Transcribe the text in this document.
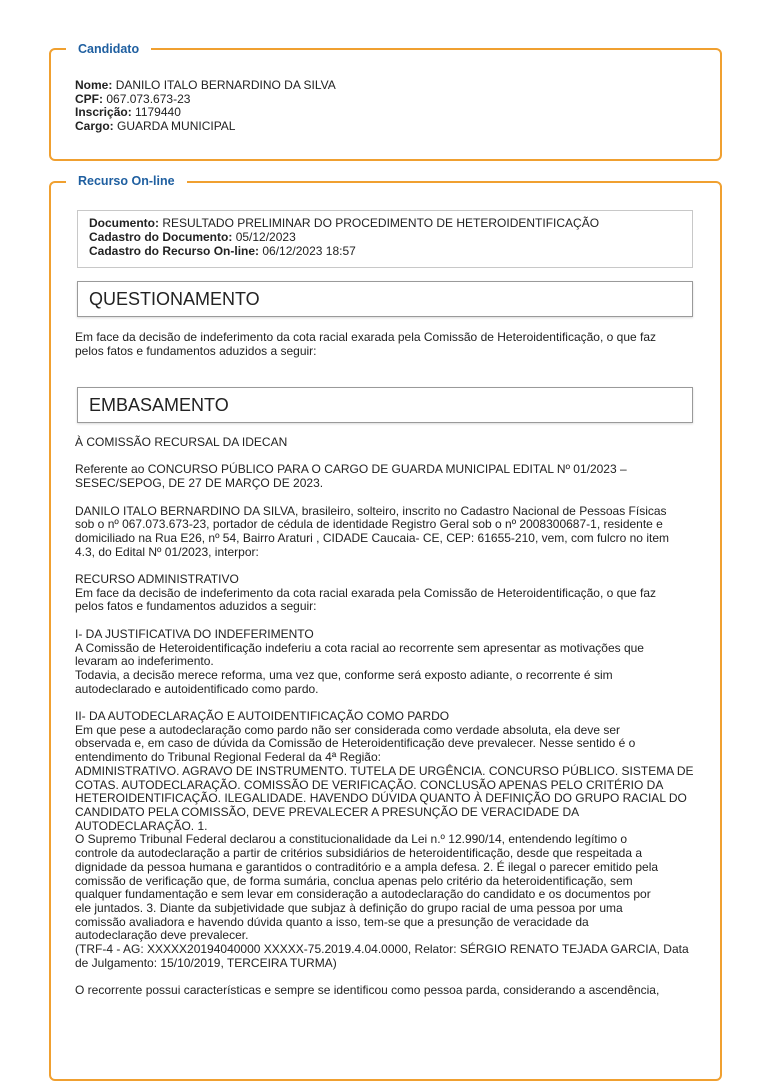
Candidato
Nome: DANILO ITALO BERNARDINO DA SILVA
CPF: 067.073.673-23
Inscrição: 1179440
Cargo: GUARDA MUNICIPAL
Recurso On-line
Documento: RESULTADO PRELIMINAR DO PROCEDIMENTO DE HETEROIDENTIFICAÇÃO
Cadastro do Documento: 05/12/2023
Cadastro do Recurso On-line: 06/12/2023 18:57
QUESTIONAMENTO
Em face da decisão de indeferimento da cota racial exarada pela Comissão de Heteroidentificação, o que faz
pelos fatos e fundamentos aduzidos a seguir:
EMBASAMENTO
À COMISSÃO RECURSAL DA IDECAN

Referente ao CONCURSO PÚBLICO PARA O CARGO DE GUARDA MUNICIPAL EDITAL Nº 01/2023 –
SESEC/SEPOG, DE 27 DE MARÇO DE 2023.

DANILO ITALO BERNARDINO DA SILVA, brasileiro, solteiro, inscrito no Cadastro Nacional de Pessoas Físicas
sob o nº 067.073.673-23, portador de cédula de identidade Registro Geral sob o nº 2008300687-1, residente e
domiciliado na Rua E26, nº 54, Bairro Araturi , CIDADE Caucaia- CE, CEP: 61655-210, vem, com fulcro no item
4.3, do Edital Nº 01/2023, interpor:

RECURSO ADMINISTRATIVO
Em face da decisão de indeferimento da cota racial exarada pela Comissão de Heteroidentificação, o que faz
pelos fatos e fundamentos aduzidos a seguir:

I- DA JUSTIFICATIVA DO INDEFERIMENTO
A Comissão de Heteroidentificação indeferiu a cota racial ao recorrente sem apresentar as motivações que
levaram ao indeferimento.
Todavia, a decisão merece reforma, uma vez que, conforme será exposto adiante, o recorrente é sim
autodeclarado e autoidentificado como pardo.

II- DA AUTODECLARAÇÃO E AUTOIDENTIFICAÇÃO COMO PARDO
Em que pese a autodeclaração como pardo não ser considerada como verdade absoluta, ela deve ser
observada e, em caso de dúvida da Comissão de Heteroidentificação deve prevalecer. Nesse sentido é o
entendimento do Tribunal Regional Federal da 4ª Região:
ADMINISTRATIVO. AGRAVO DE INSTRUMENTO. TUTELA DE URGÊNCIA. CONCURSO PÚBLICO. SISTEMA DE
COTAS. AUTODECLARAÇÃO. COMISSÃO DE VERIFICAÇÃO. CONCLUSÃO APENAS PELO CRITÉRIO DA
HETEROIDENTIFICAÇÃO. ILEGALIDADE. HAVENDO DÚVIDA QUANTO À DEFINIÇÃO DO GRUPO RACIAL DO
CANDIDATO PELA COMISSÃO, DEVE PREVALECER A PRESUNÇÃO DE VERACIDADE DA AUTODECLARAÇÃO. 1.
O Supremo Tribunal Federal declarou a constitucionalidade da Lei n.º 12.990/14, entendendo legítimo o
controle da autodeclaração a partir de critérios subsidiários de heteroidentificação, desde que respeitada a
dignidade da pessoa humana e garantidos o contraditório e a ampla defesa. 2. É ilegal o parecer emitido pela
comissão de verificação que, de forma sumária, conclua apenas pelo critério da heteroidentificação, sem
qualquer fundamentação e sem levar em consideração a autodeclaração do candidato e os documentos por
ele juntados. 3. Diante da subjetividade que subjaz à definição do grupo racial de uma pessoa por uma
comissão avaliadora e havendo dúvida quanto a isso, tem-se que a presunção de veracidade da
autodeclaração deve prevalecer.
(TRF-4 - AG: XXXXX20194040000 XXXXX-75.2019.4.04.0000, Relator: SÉRGIO RENATO TEJADA GARCIA, Data
de Julgamento: 15/10/2019, TERCEIRA TURMA)

O recorrente possui características e sempre se identificou como pessoa parda, considerando a ascendência,
